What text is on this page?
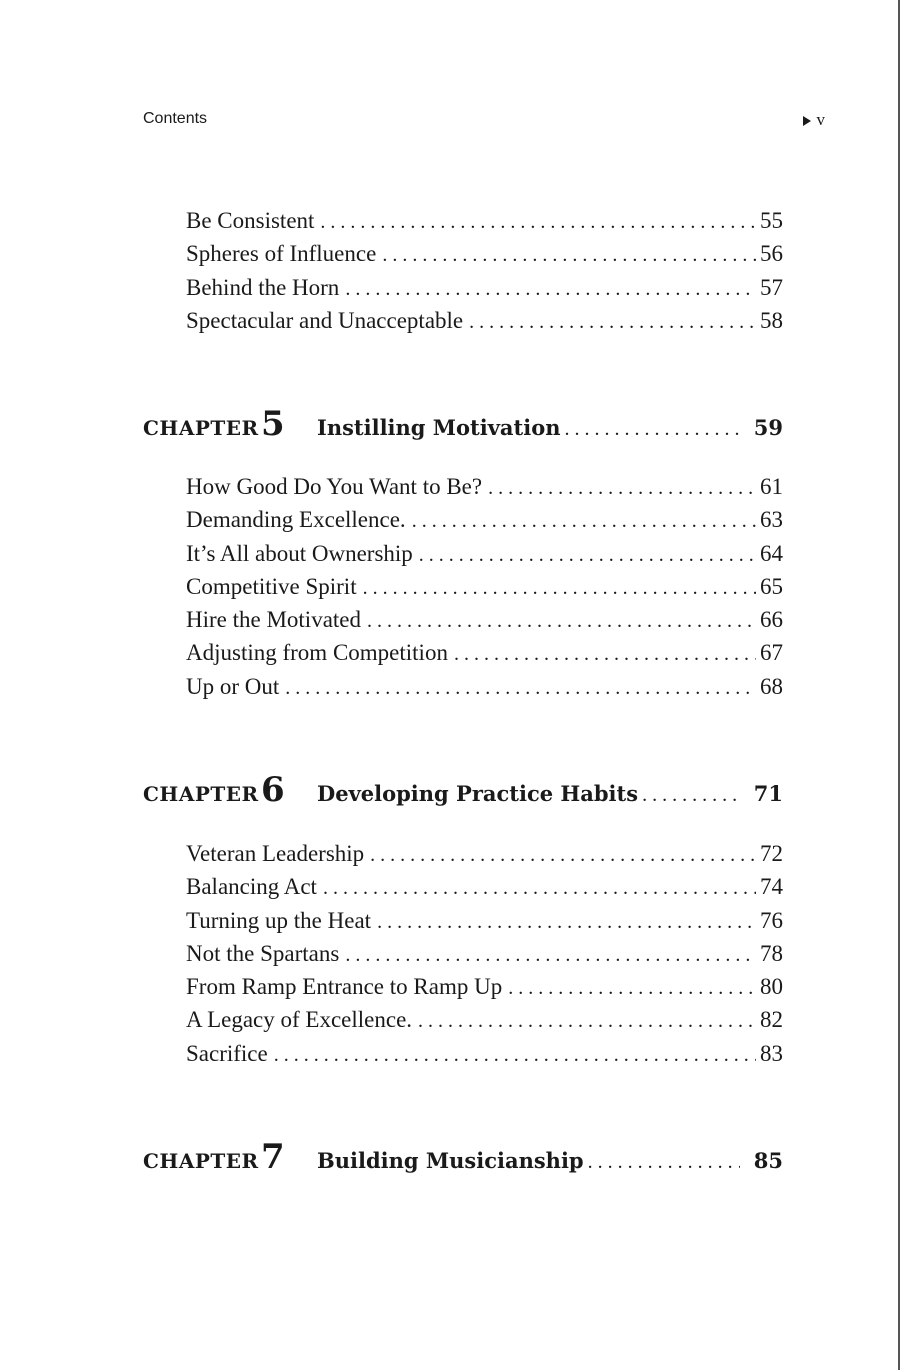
Contents	v
Be Consistent . . .	55
Spheres of Influence . . .	56
Behind the Horn . . .	57
Spectacular and Unacceptable . . .	58
CHAPTER 5	Instilling Motivation . . .	59
How Good Do You Want to Be? . . .	61
Demanding Excellence. . . .	63
It’s All about Ownership . . .	64
Competitive Spirit . . .	65
Hire the Motivated . . .	66
Adjusting from Competition . . .	67
Up or Out . . .	68
CHAPTER 6	Developing Practice Habits . . .	71
Veteran Leadership . . .	72
Balancing Act . . .	74
Turning up the Heat . . .	76
Not the Spartans . . .	78
From Ramp Entrance to Ramp Up . . .	80
A Legacy of Excellence. . . .	82
Sacrifice . . .	83
CHAPTER 7	Building Musicianship . . .	85
